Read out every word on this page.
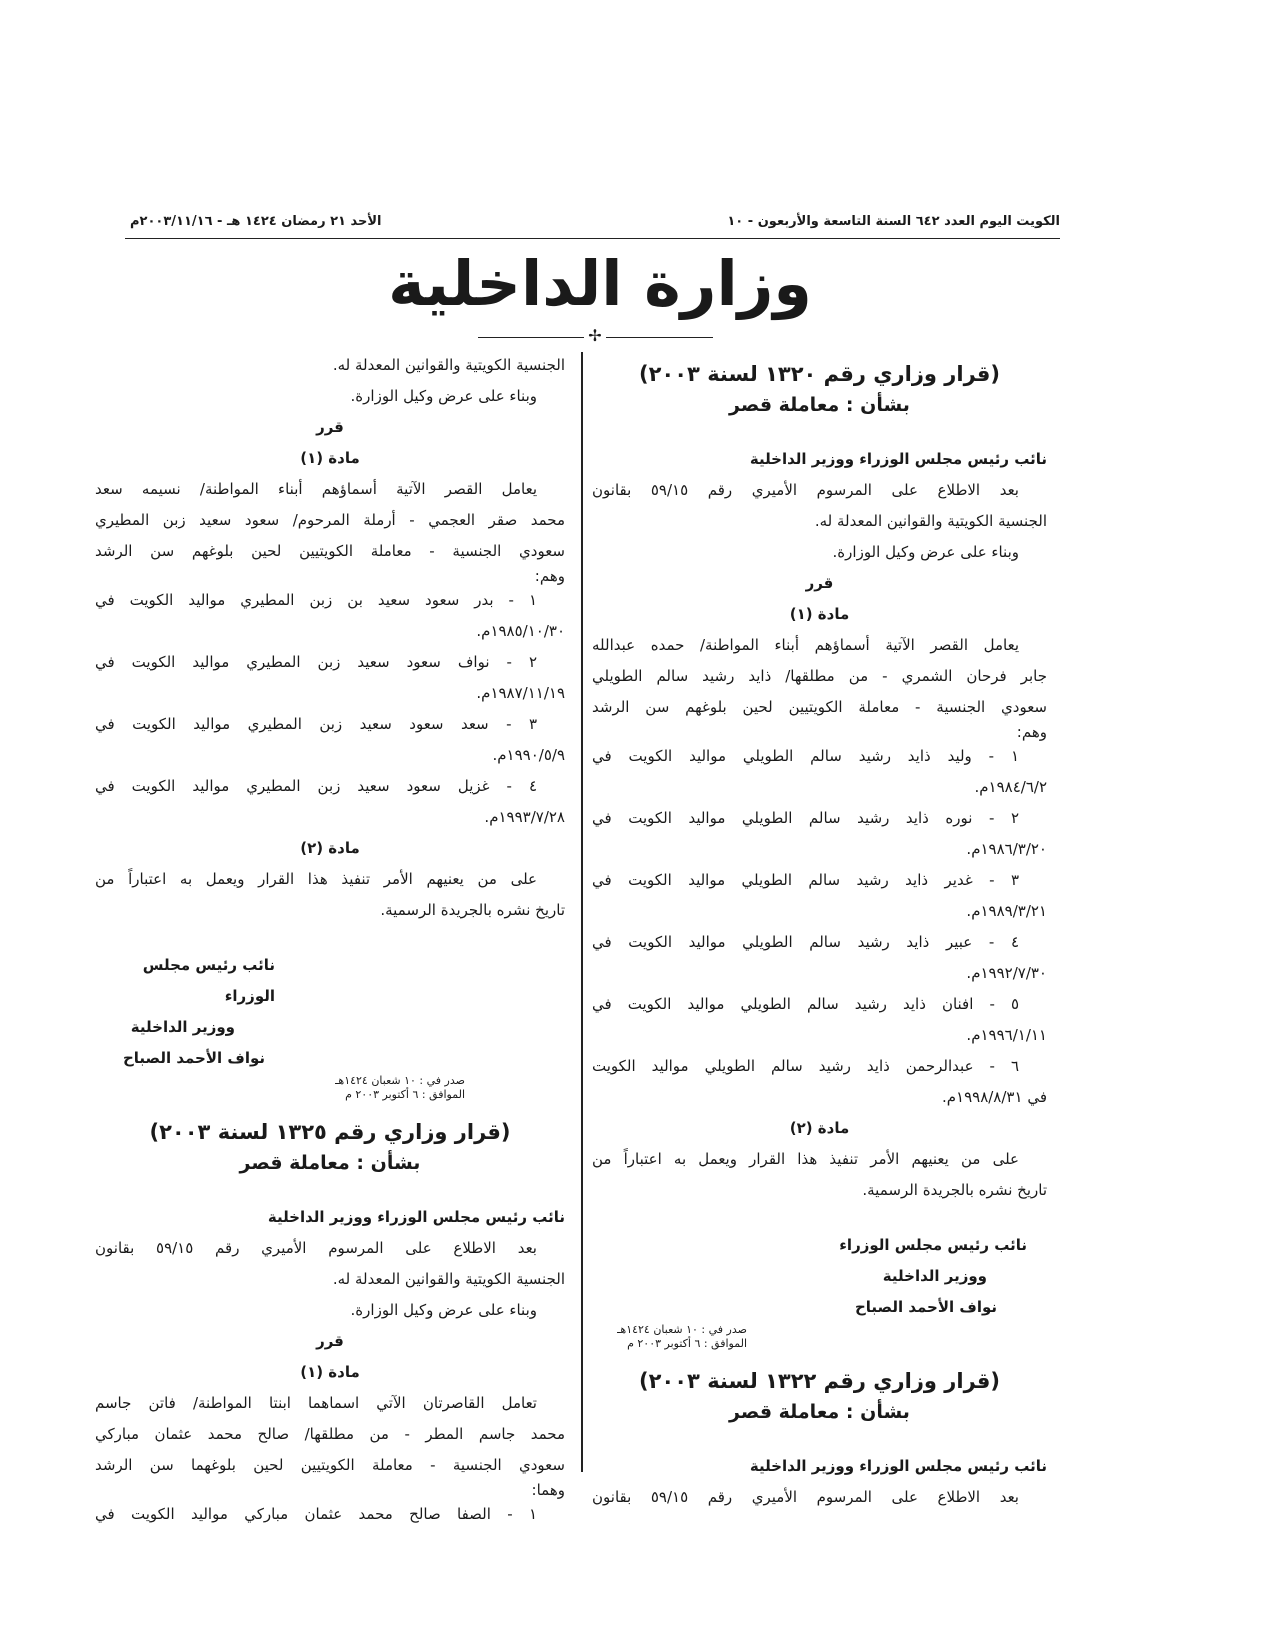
الكويت اليوم العدد ٦٤٢ السنة التاسعة والأربعون - ١٠
الأحد ٢١ رمضان ١٤٢٤ هـ - ٢٠٠٣/١١/١٦م
وزارة الداخلية
✢
(قرار وزاري رقم ١٣٢٠ لسنة ٢٠٠٣)
بشأن : معاملة قصر
نائب رئيس مجلس الوزراء ووزير الداخلية
بعد الاطلاع على المرسوم الأميري رقم ٥٩/١٥ بقانون
الجنسية الكويتية والقوانين المعدلة له.
وبناء على عرض وكيل الوزارة.
قرر
مادة (١)
يعامل القصر الآتية أسماؤهم أبناء المواطنة/ حمده عبدالله
جابر فرحان الشمري - من مطلقها/ ذايد رشيد سالم الطويلي
سعودي الجنسية - معاملة الكويتيين لحين بلوغهم سن الرشد
وهم:
١ - وليد ذايد رشيد سالم الطويلي مواليد الكويت في
١٩٨٤/٦/٢م.
٢ - نوره ذايد رشيد سالم الطويلي مواليد الكويت في
١٩٨٦/٣/٢٠م.
٣ - غدير ذايد رشيد سالم الطويلي مواليد الكويت في
١٩٨٩/٣/٢١م.
٤ - عبير ذايد رشيد سالم الطويلي مواليد الكويت في
١٩٩٢/٧/٣٠م.
٥ - افنان ذايد رشيد سالم الطويلي مواليد الكويت في
١٩٩٦/١/١١م.
٦ - عبدالرحمن ذايد رشيد سالم الطويلي مواليد الكويت
في ١٩٩٨/٨/٣١م.
مادة (٢)
على من يعنيهم الأمر تنفيذ هذا القرار ويعمل به اعتباراً من
تاريخ نشره بالجريدة الرسمية.
نائب رئيس مجلس الوزراء
ووزير الداخلية
نواف الأحمد الصباح
صدر في : ١٠ شعبان ١٤٢٤هـ
الموافق : ٦ أكتوبر ٢٠٠٣ م
(قرار وزاري رقم ١٣٢٢ لسنة ٢٠٠٣)
بشأن : معاملة قصر
نائب رئيس مجلس الوزراء ووزير الداخلية
بعد الاطلاع على المرسوم الأميري رقم ٥٩/١٥ بقانون
الجنسية الكويتية والقوانين المعدلة له.
وبناء على عرض وكيل الوزارة.
قرر
مادة (١)
يعامل القصر الآتية أسماؤهم أبناء المواطنة/ نسيمه سعد
محمد صقر العجمي - أرملة المرحوم/ سعود سعيد زبن المطيري
سعودي الجنسية - معاملة الكويتيين لحين بلوغهم سن الرشد
وهم:
١ - بدر سعود سعيد بن زبن المطيري مواليد الكويت في
١٩٨٥/١٠/٣٠م.
٢ - نواف سعود سعيد زبن المطيري مواليد الكويت في
١٩٨٧/١١/١٩م.
٣ - سعد سعود سعيد زبن المطيري مواليد الكويت في
١٩٩٠/٥/٩م.
٤ - غزيل سعود سعيد زبن المطيري مواليد الكويت في
١٩٩٣/٧/٢٨م.
مادة (٢)
على من يعنيهم الأمر تنفيذ هذا القرار ويعمل به اعتباراً من
تاريخ نشره بالجريدة الرسمية.
نائب رئيس مجلس الوزراء
ووزير الداخلية
نواف الأحمد الصباح
صدر في : ١٠ شعبان ١٤٢٤هـ
الموافق : ٦ أكتوبر ٢٠٠٣ م
(قرار وزاري رقم ١٣٢٥ لسنة ٢٠٠٣)
بشأن : معاملة قصر
نائب رئيس مجلس الوزراء ووزير الداخلية
بعد الاطلاع على المرسوم الأميري رقم ٥٩/١٥ بقانون
الجنسية الكويتية والقوانين المعدلة له.
وبناء على عرض وكيل الوزارة.
قرر
مادة (١)
تعامل القاصرتان الآتي اسماهما ابنتا المواطنة/ فاتن جاسم
محمد جاسم المطر - من مطلقها/ صالح محمد عثمان مباركي
سعودي الجنسية - معاملة الكويتيين لحين بلوغهما سن الرشد
وهما:
١ - الصفا صالح محمد عثمان مباركي مواليد الكويت في
